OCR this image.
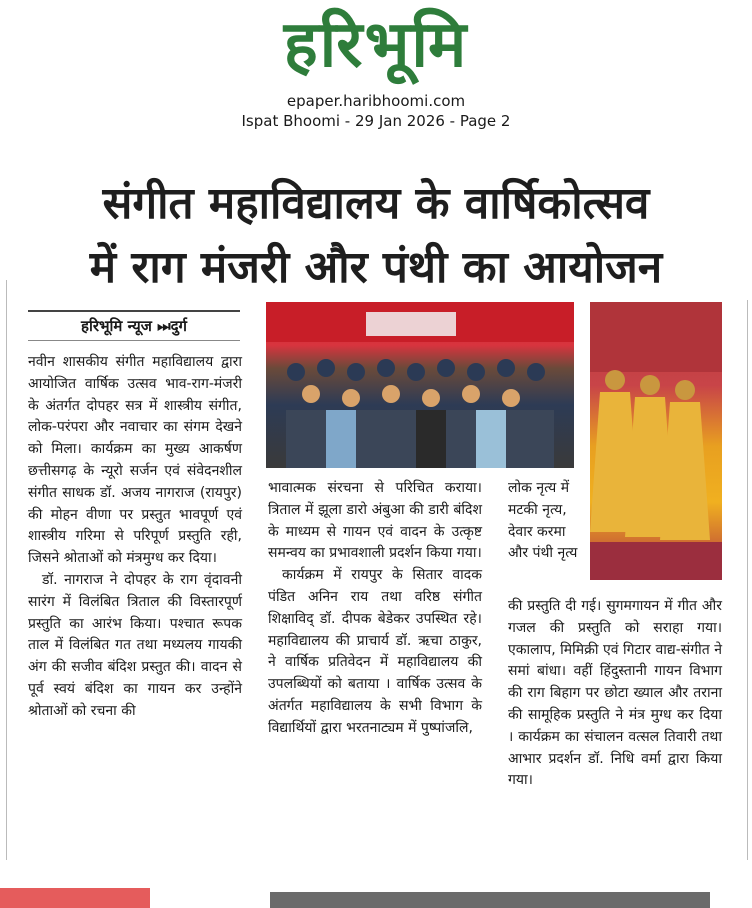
हरिभूमि
epaper.haribhoomi.com
Ispat Bhoomi - 29 Jan 2026 - Page 2
संगीत महाविद्यालय के वार्षिकोत्सव
में राग मंजरी और पंथी का आयोजन
हरिभूमि न्यूज ⏭दुर्ग

नवीन शासकीय संगीत महाविद्यालय द्वारा आयोजित वार्षिक उत्सव भाव-राग-मंजरी के अंतर्गत दोपहर सत्र में शास्त्रीय संगीत, लोक-परंपरा और नवाचार का संगम देखने को मिला। कार्यक्रम का मुख्य आकर्षण छत्तीसगढ़ के न्यूरो सर्जन एवं संवेदनशील संगीत साधक डॉ. अजय नागराज (रायपुर) की मोहन वीणा पर प्रस्तुत भावपूर्ण एवं शास्त्रीय गरिमा से परिपूर्ण प्रस्तुति रही, जिसने श्रोताओं को मंत्रमुग्ध कर दिया।

डॉ. नागराज ने दोपहर के राग वृंदावनी सारंग में विलंबित त्रिताल की विस्तारपूर्ण प्रस्तुति का आरंभ किया। पश्चात रूपक ताल में विलंबित गत तथा मध्यलय गायकी अंग की सजीव बंदिश प्रस्तुत की। वादन से पूर्व स्वयं बंदिश का गायन कर उन्होंने श्रोताओं को रचना की

भावात्मक संरचना से परिचित कराया। त्रिताल में झूला डारो अंबुआ की डारी बंदिश के माध्यम से गायन एवं वादन के उत्कृष्ट समन्वय का प्रभावशाली प्रदर्शन किया गया।

कार्यक्रम में रायपुर के सितार वादक पंडित अनिन राय तथा वरिष्ठ संगीत शिक्षाविद् डॉ. दीपक बेडेकर उपस्थित रहे। महाविद्यालय की प्राचार्य डॉ. ऋचा ठाकुर, ने वार्षिक प्रतिवेदन में महाविद्यालय की उपलब्धियों को बताया । वार्षिक उत्सव के अंतर्गत महाविद्यालय के सभी विभाग के विद्यार्थियों द्वारा भरतनाट्यम में पुष्पांजलि,

लोक नृत्य में मटकी नृत्य, देवार करमा और पंथी नृत्य

की प्रस्तुति दी गई। सुगमगायन में गीत और गजल की प्रस्तुति को सराहा गया। एकालाप, मिमिक्री एवं गिटार वाद्य-संगीत ने समां बांधा। वहीं हिंदुस्तानी गायन विभाग की राग बिहाग पर छोटा ख्याल और तराना की सामूहिक प्रस्तुति ने मंत्र मुग्ध कर दिया । कार्यक्रम का संचालन वत्सल तिवारी तथा आभार प्रदर्शन डॉ. निधि वर्मा द्वारा किया गया।
